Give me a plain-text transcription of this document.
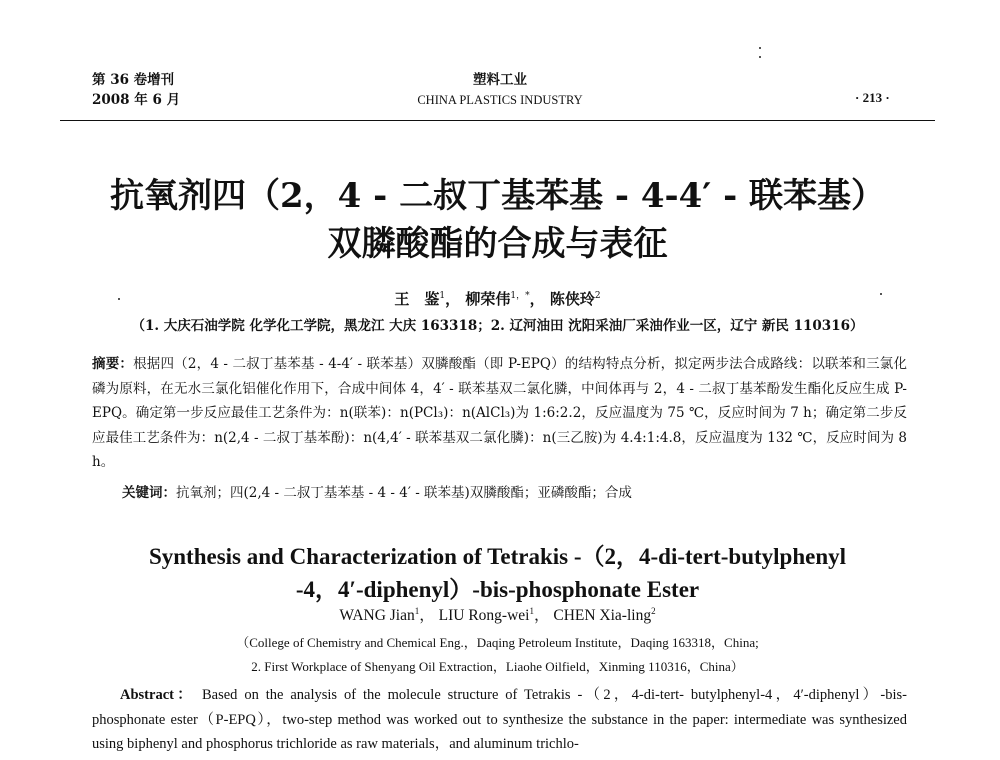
第 36 卷增刊
2008 年 6 月
塑料工业
CHINA PLASTICS INDUSTRY	· 213 ·
抗氧剂四（2，4 - 二叔丁基苯基 - 4-4′ - 联苯基）
双膦酸酯的合成与表征
王　鉴$^1$， 柳荣伟$^{1,*}$， 陈侠玲$^2$
（1. 大庆石油学院 化学化工学院，黑龙江 大庆 163318；2. 辽河油田 沈阳采油厂采油作业一区，辽宁 新民 110316）
摘要：根据四（2，4 - 二叔丁基苯基 - 4-4′ - 联苯基）双膦酸酯（即 P-EPQ）的结构特点分析，拟定两步法合成路线：以联苯和三氯化磷为原料，在无水三氯化铝催化作用下，合成中间体 4，4′ - 联苯基双二氯化膦，中间体再与 2，4 - 二叔丁基苯酚发生酯化反应生成 P-EPQ。确定第一步反应最佳工艺条件为：n(联苯)：n(PCl₃)：n(AlCl₃)为 1:6:2.2，反应温度为 75 ℃，反应时间为 7 h；确定第二步反应最佳工艺条件为：n(2,4 - 二叔丁基苯酚)：n(4,4′ - 联苯基双二氯化膦)：n(三乙胺)为 4.4:1:4.8，反应温度为 132 ℃，反应时间为 8 h。
关键词：抗氧剂；四(2,4 - 二叔丁基苯基 - 4 - 4′ - 联苯基)双膦酸酯；亚磷酸酯；合成
Synthesis and Characterization of Tetrakis -（2，4-di-tert-butylphenyl
-4，4′-diphenyl）-bis-phosphonate Ester
WANG Jian$^1$， LIU Rong-wei$^1$， CHEN Xia-ling$^2$
（College of Chemistry and Chemical Eng.，Daqing Petroleum Institute，Daqing 163318，China;
2. First Workplace of Shenyang Oil Extraction，Liaohe Oilfield，Xinming 110316，China）
Abstract： Based on the analysis of the molecule structure of Tetrakis -（2，4-di-tert- butylphenyl-4，4′-diphenyl）-bis-phosphonate ester（P-EPQ），two-step method was worked out to synthesize the substance in the paper: intermediate was synthesized using biphenyl and phosphorus trichloride as raw materials，and aluminum trichlo-
